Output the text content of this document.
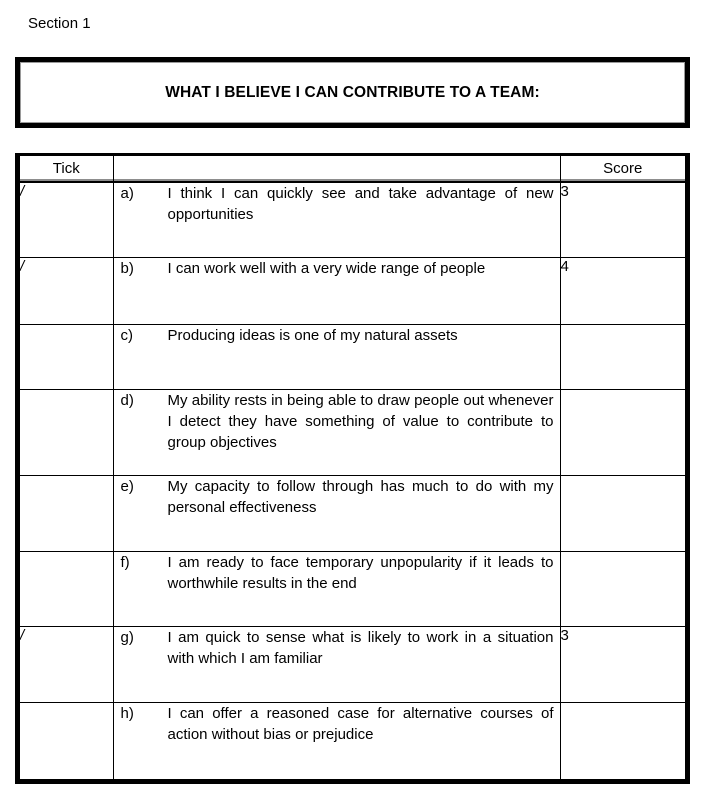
Section 1
WHAT I BELIEVE I CAN CONTRIBUTE TO A TEAM:
Tick		Score
/	a) I think I can quickly see and take advantage of new opportunities	3
/	b) I can work well with a very wide range of people	4

	c) Producing ideas is one of my natural assets	

	d) My ability rests in being able to draw people out whenever I detect they have something of value to contribute to group objectives	

	e) My capacity to follow through has much to do with my personal effectiveness	

	f) I am ready to face temporary unpopularity if it leads to worthwhile results in the end	

/	g) I am quick to sense what is likely to work in a situation with which I am familiar	3

	h) I can offer a reasoned case for alternative courses of action without bias or prejudice	
